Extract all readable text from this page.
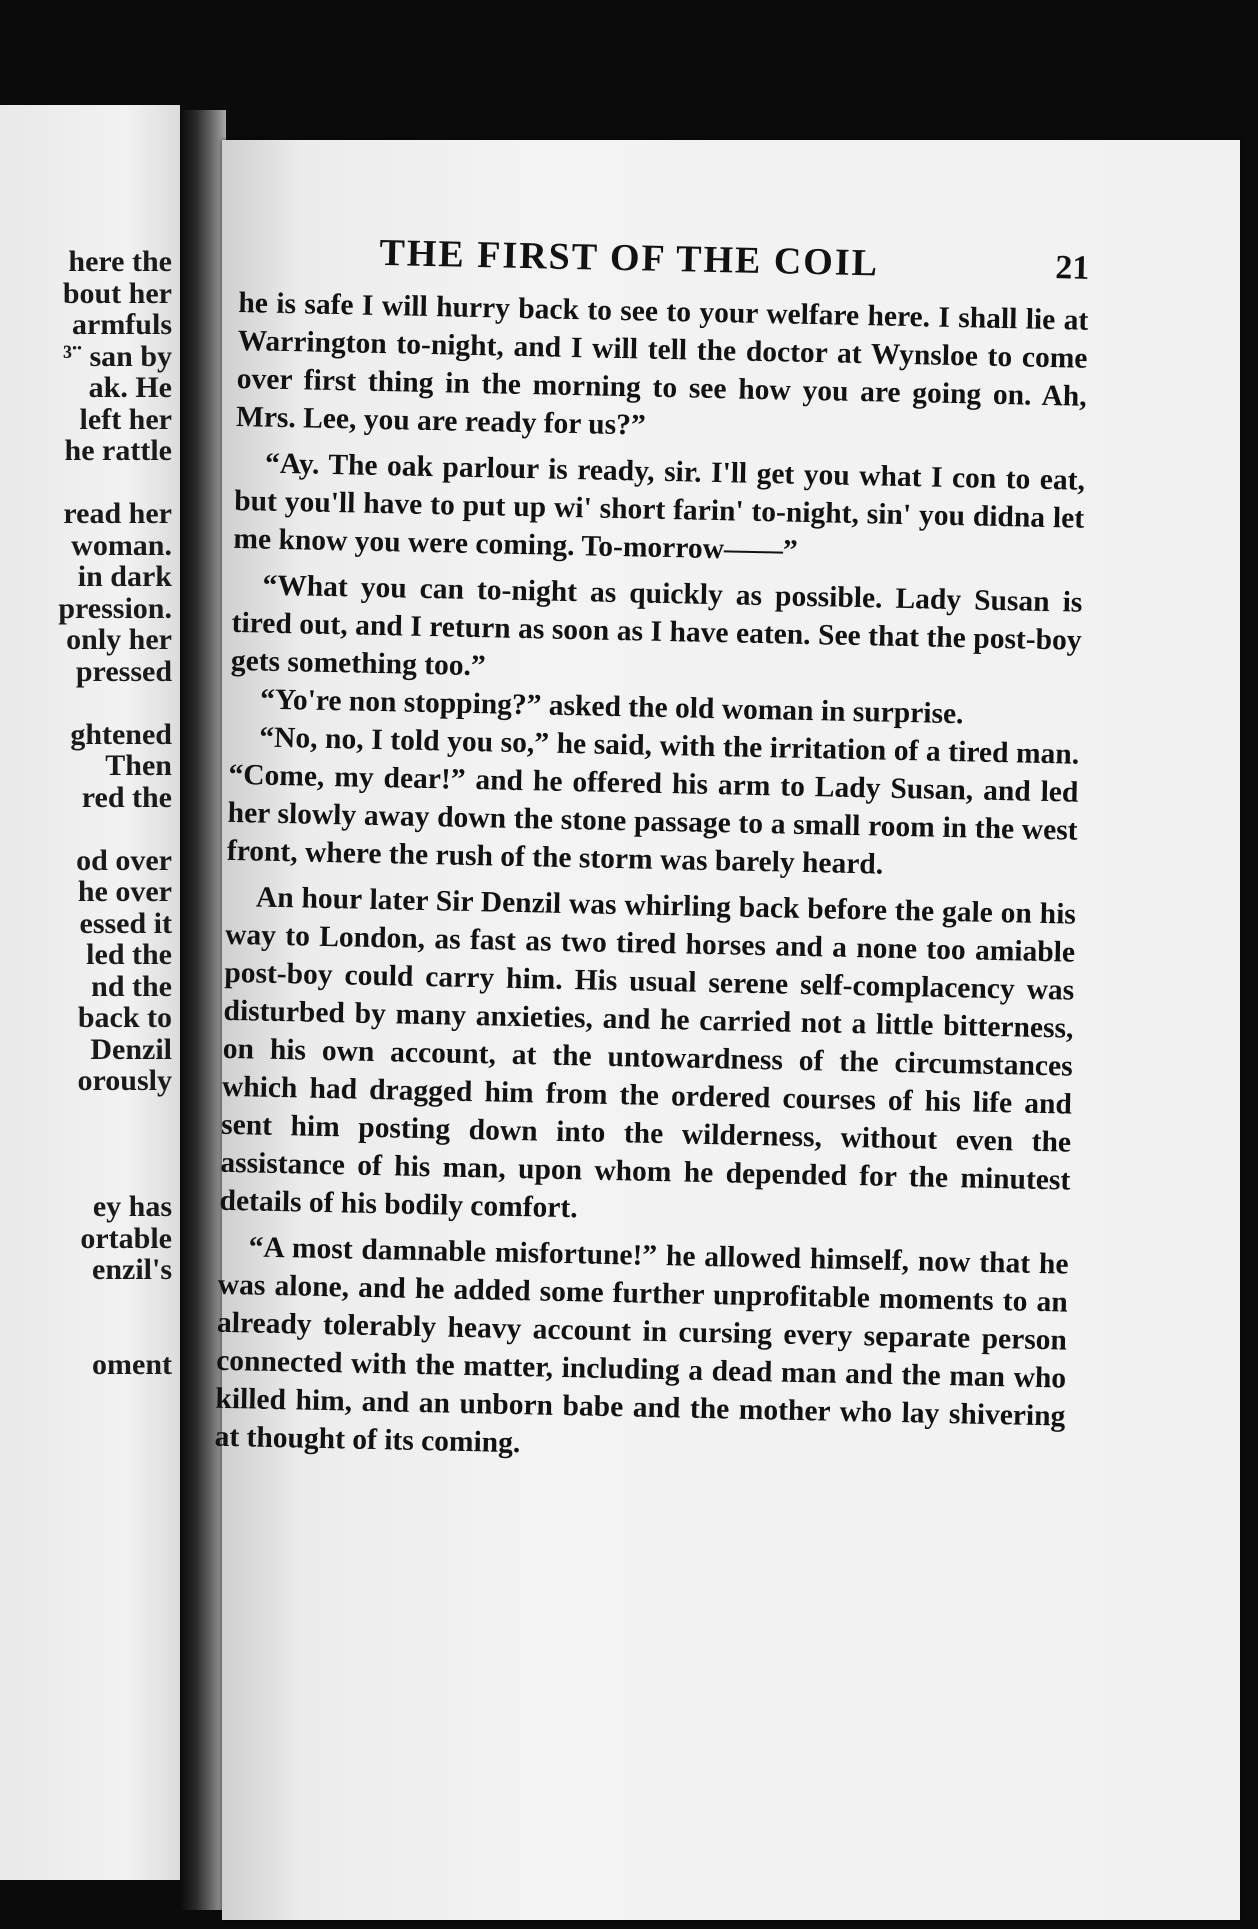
here the
bout her
armfuls
³¨ san by
ak. He
left her
he rattle
read her
woman.
in dark
pression.
only her
pressed
ghtened
Then
red the
od over
he over
essed it
led the
nd the
back to
Denzil
orously
ey has
ortable
enzil's
oment
THE FIRST OF THE COIL	21

he is safe I will hurry back to see to your welfare here. I shall lie at Warrington to-night, and I will tell the doctor at Wynsloe to come over first thing in the morning to see how you are going on. Ah, Mrs. Lee, you are ready for us?”

“Ay. The oak parlour is ready, sir. I'll get you what I con to eat, but you'll have to put up wi' short farin' to-night, sin' you didna let me know you were coming. To-morrow——”

“What you can to-night as quickly as possible. Lady Susan is tired out, and I return as soon as I have eaten. See that the post-boy gets something too.”

“Yo're non stopping?” asked the old woman in surprise.

“No, no, I told you so,” he said, with the irritation of a tired man. “Come, my dear!” and he offered his arm to Lady Susan, and led her slowly away down the stone passage to a small room in the west front, where the rush of the storm was barely heard.

An hour later Sir Denzil was whirling back before the gale on his way to London, as fast as two tired horses and a none too amiable post-boy could carry him. His usual serene self-complacency was disturbed by many anxieties, and he carried not a little bitterness, on his own account, at the untowardness of the circumstances which had dragged him from the ordered courses of his life and sent him posting down into the wilderness, without even the assistance of his man, upon whom he depended for the minutest details of his bodily comfort.

“A most damnable misfortune!” he allowed himself, now that he was alone, and he added some further unprofitable moments to an already tolerably heavy account in cursing every separate person connected with the matter, including a dead man and the man who killed him, and an unborn babe and the mother who lay shivering at thought of its coming.
